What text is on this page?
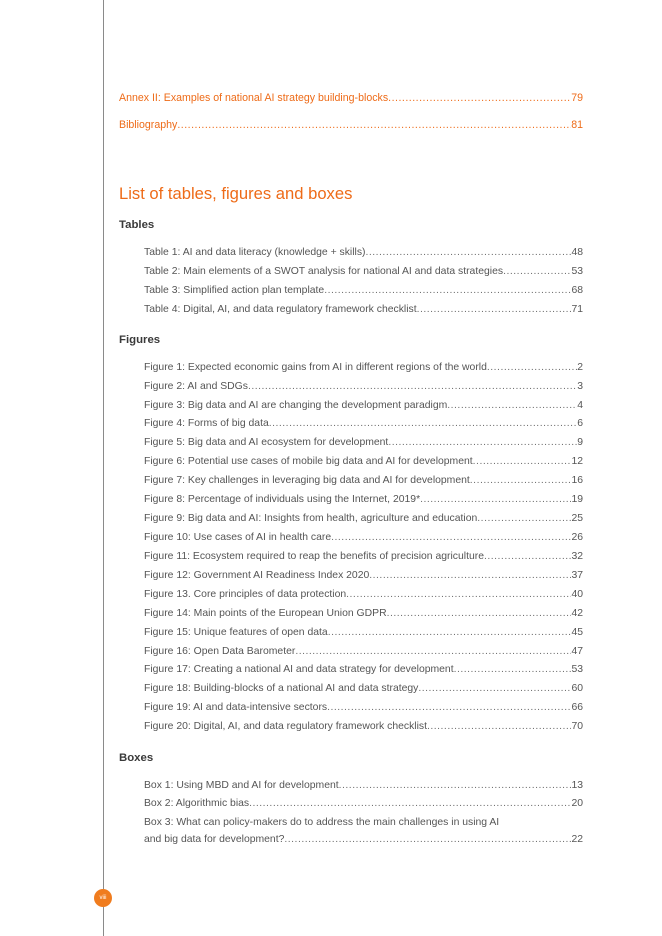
Annex II: Examples of national AI strategy building-blocks .....	79
Bibliography .....	81
List of tables, figures and boxes
Tables
Table 1: AI and data literacy (knowledge + skills) .....	48
Table 2: Main elements of a SWOT analysis for national AI and data strategies .....	53
Table 3: Simplified action plan template .....	68
Table 4: Digital, AI, and data regulatory framework checklist .....	71
Figures
Figure 1: Expected economic gains from AI in different regions of the world .....	2
Figure 2: AI and SDGs .....	3
Figure 3: Big data and AI are changing the development paradigm .....	4
Figure 4: Forms of big data .....	6
Figure 5: Big data and AI ecosystem for development .....	9
Figure 6: Potential use cases of mobile big data and AI for development .....	12
Figure 7: Key challenges in leveraging big data and AI for development .....	16
Figure 8: Percentage of individuals using the Internet, 2019* .....	19
Figure 9: Big data and AI: Insights from health, agriculture and education .....	25
Figure 10: Use cases of AI in health care .....	26
Figure 11: Ecosystem required to reap the benefits of precision agriculture .....	32
Figure 12: Government AI Readiness Index 2020 .....	37
Figure 13. Core principles of data protection .....	40
Figure 14: Main points of the European Union GDPR .....	42
Figure 15: Unique features of open data .....	45
Figure 16: Open Data Barometer .....	47
Figure 17: Creating a national AI and data strategy for development .....	53
Figure 18: Building-blocks of a national AI and data strategy .....	60
Figure 19: AI and data-intensive sectors .....	66
Figure 20: Digital, AI, and data regulatory framework checklist .....	70
Boxes
Box 1: Using MBD and AI for development .....	13
Box 2: Algorithmic bias .....	20
Box 3: What can policy-makers do to address the main challenges in using AI
and big data for development? .....	22
viii
